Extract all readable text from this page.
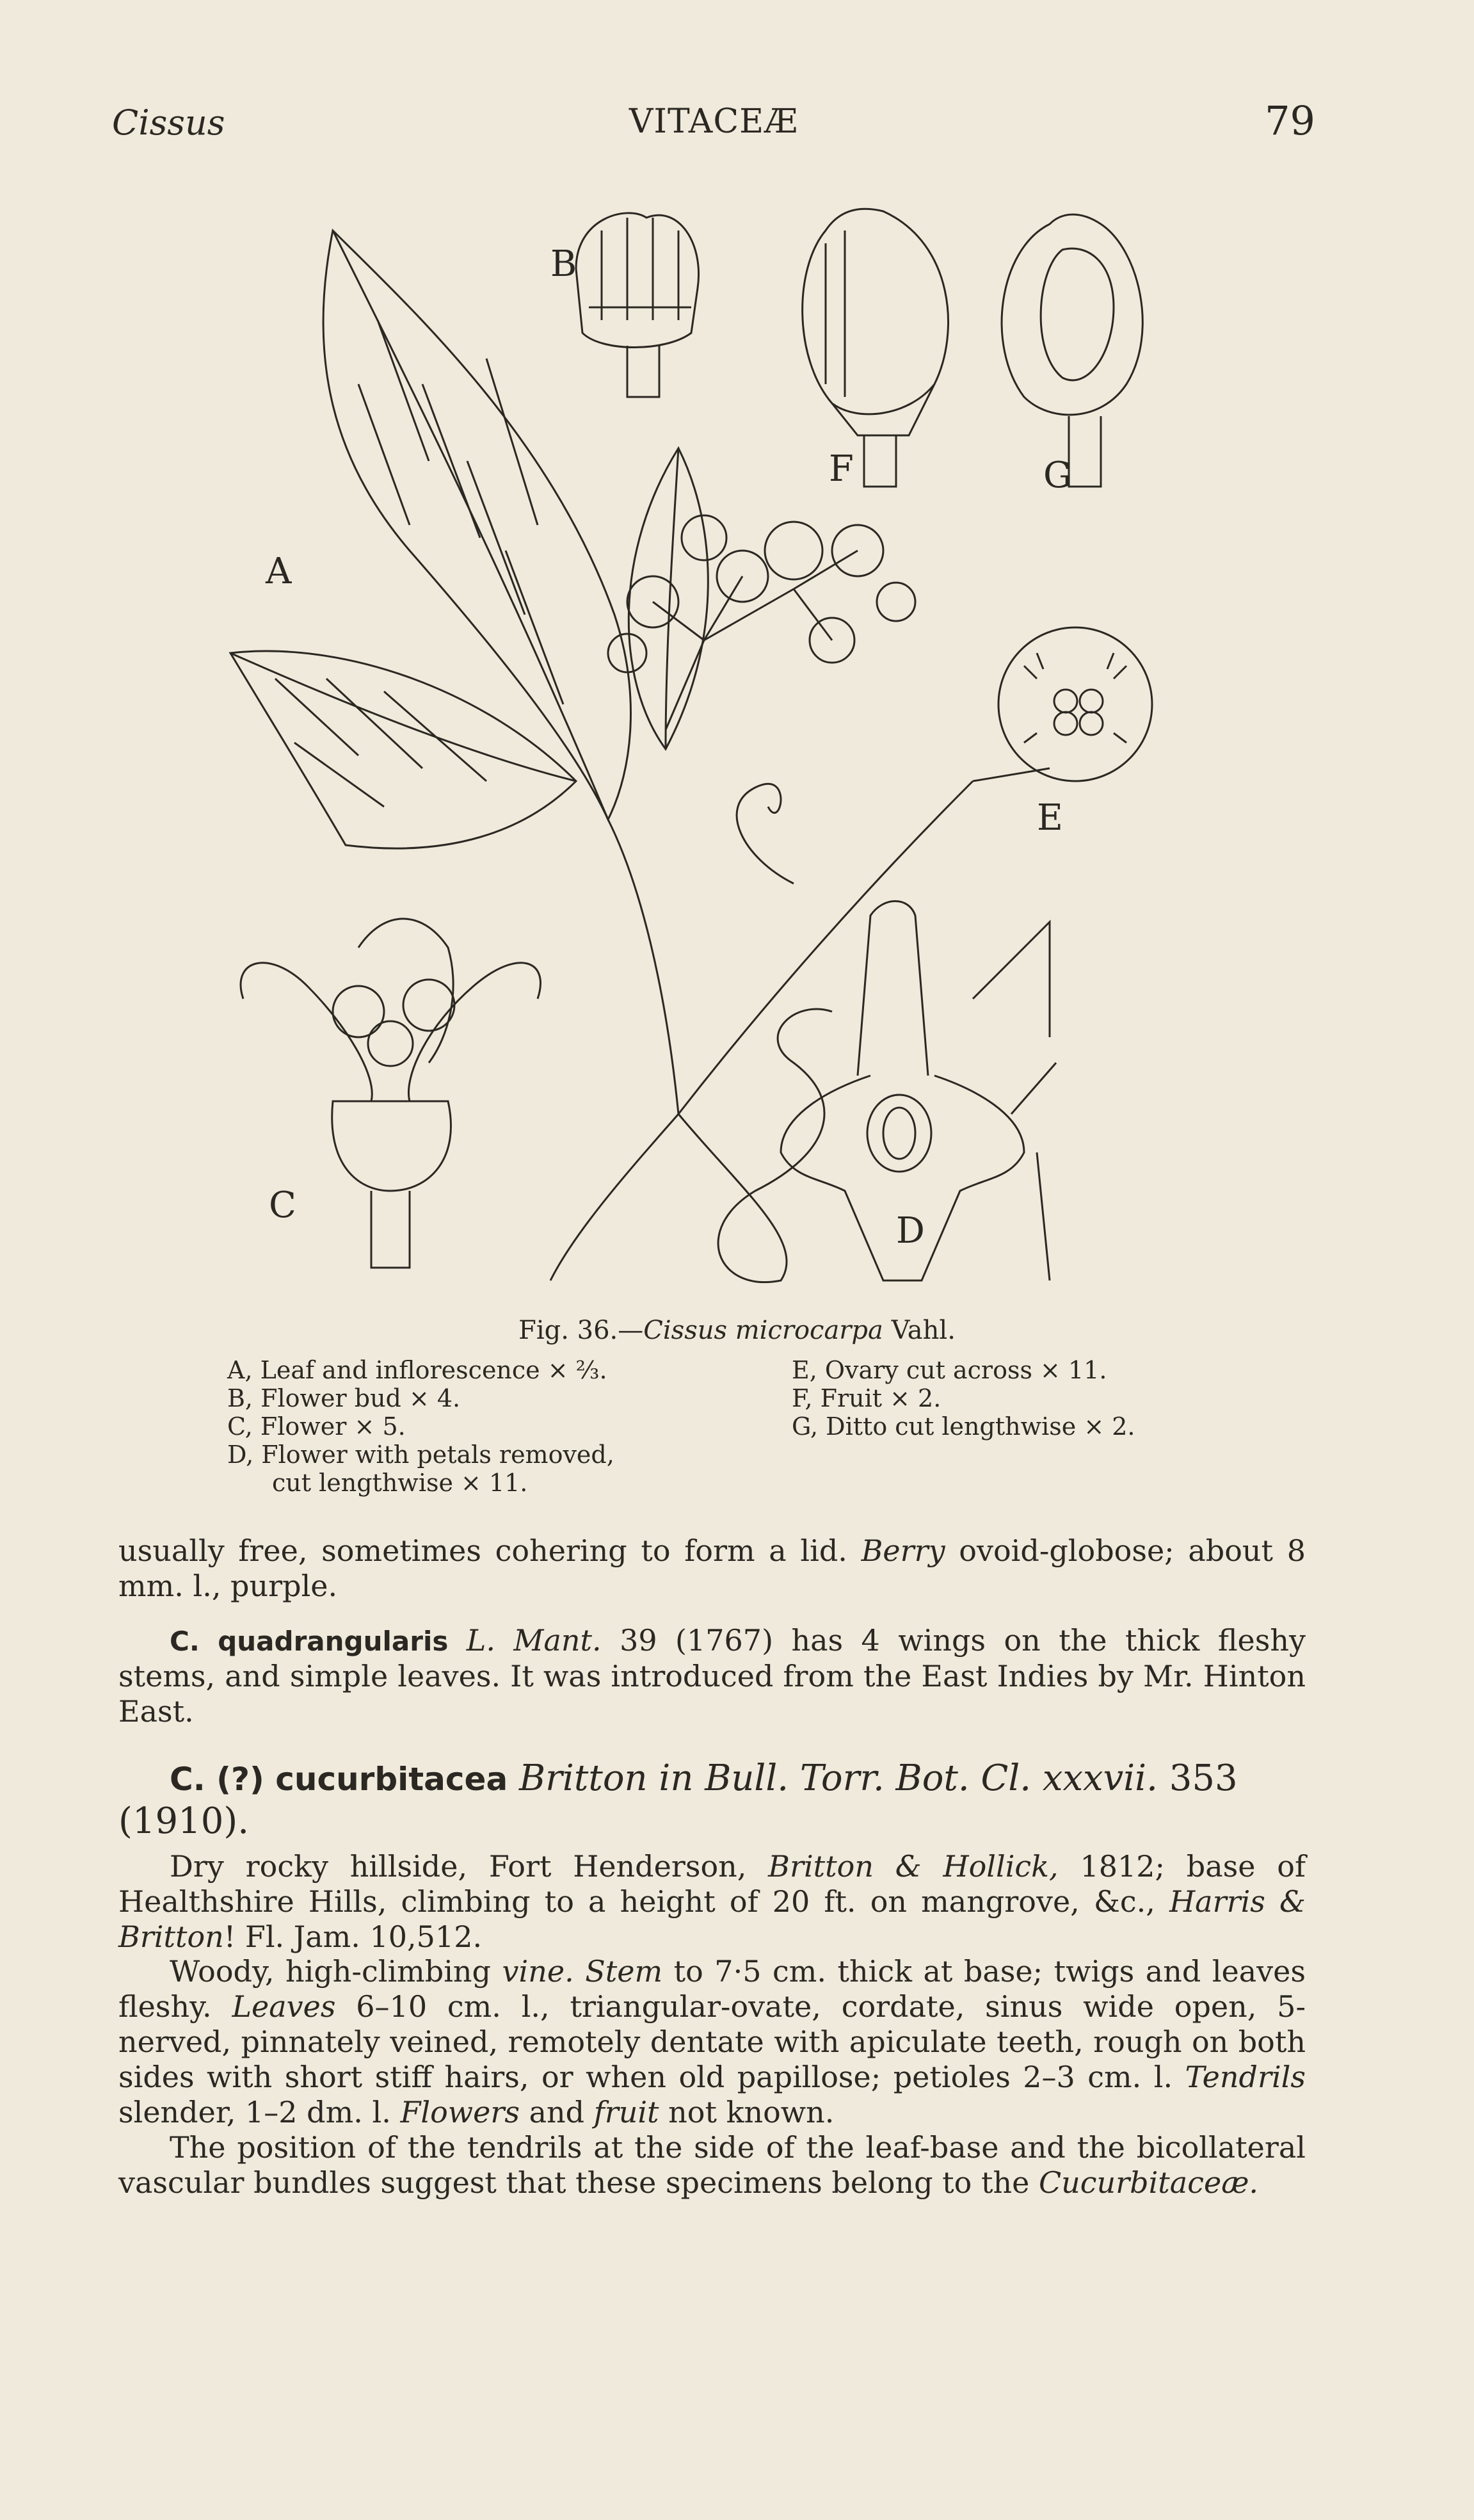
Cissus	VITACEÆ	79
B
F	G
A
E
C
D
Fig. 36.—Cissus microcarpa Vahl.
A, Leaf and inflorescence × ⅔.
B, Flower bud × 4.
C, Flower × 5.
D, Flower with petals removed,
cut lengthwise × 11.
E, Ovary cut across × 11.
F, Fruit × 2.
G, Ditto cut lengthwise × 2.
usually free, sometimes cohering to form a lid. Berry ovoid-globose; about 8 mm. l., purple.
C. quadrangularis L. Mant. 39 (1767) has 4 wings on the thick fleshy stems, and simple leaves. It was introduced from the East Indies by Mr. Hinton East.
C. (?) cucurbitacea Britton in Bull. Torr. Bot. Cl. xxxvii. 353 (1910).
Dry rocky hillside, Fort Henderson, Britton & Hollick, 1812; base of Healthshire Hills, climbing to a height of 20 ft. on mangrove, &c., Harris & Britton! Fl. Jam. 10,512.
Woody, high-climbing vine. Stem to 7·5 cm. thick at base; twigs and leaves fleshy. Leaves 6–10 cm. l., triangular-ovate, cordate, sinus wide open, 5-nerved, pinnately veined, remotely dentate with apiculate teeth, rough on both sides with short stiff hairs, or when old papillose; petioles 2–3 cm. l. Tendrils slender, 1–2 dm. l. Flowers and fruit not known.
The position of the tendrils at the side of the leaf-base and the bicollateral vascular bundles suggest that these specimens belong to the Cucurbitaceæ.
